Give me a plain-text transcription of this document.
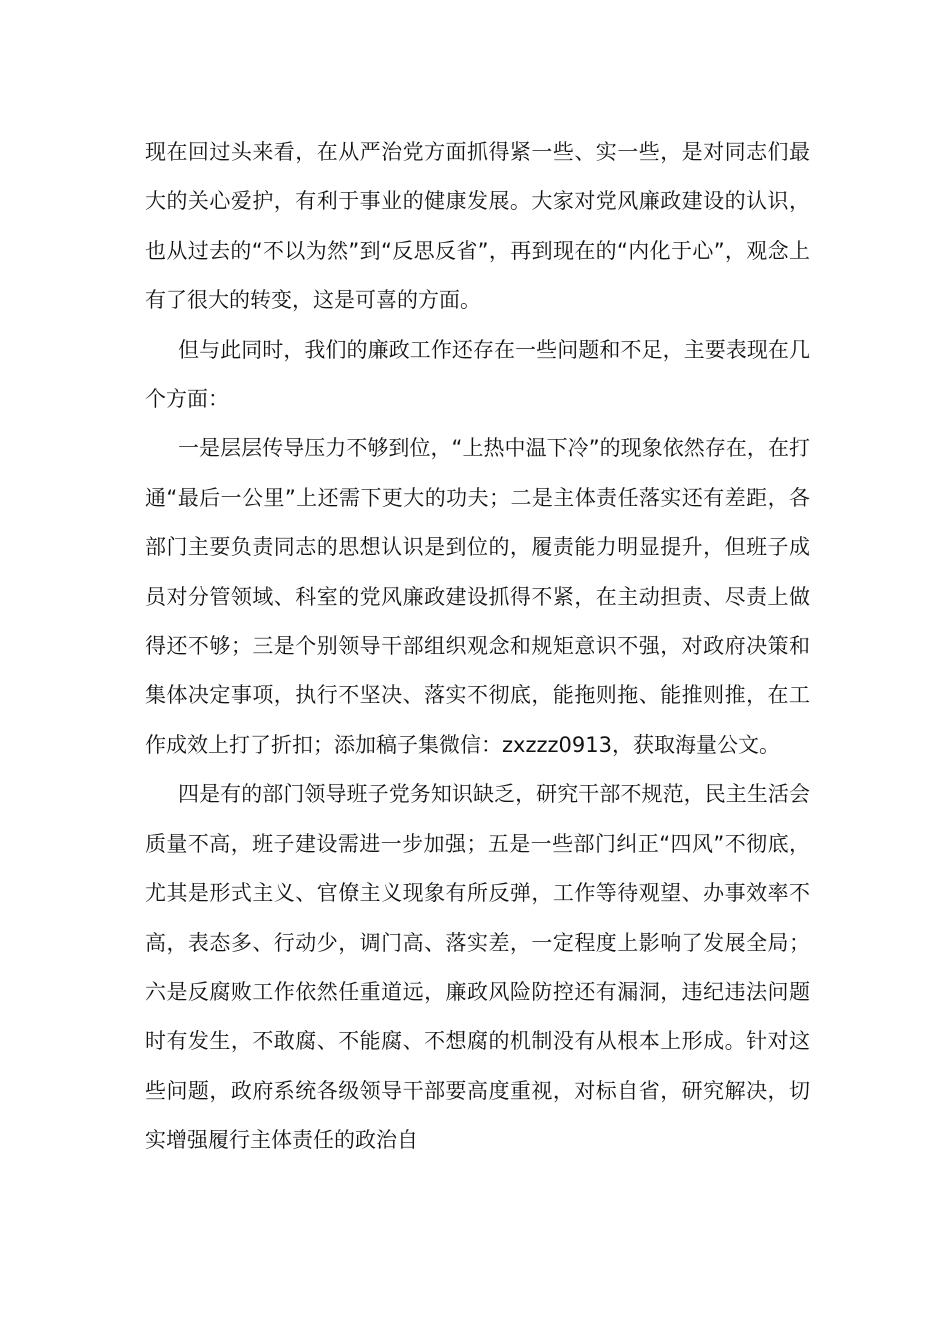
现在回过头来看，在从严治党方面抓得紧一些、实一些，是对同志们最大的关心爱护，有利于事业的健康发展。大家对党风廉政建设的认识，也从过去的“不以为然”到“反思反省”，再到现在的“内化于心”，观念上有了很大的转变，这是可喜的方面。

但与此同时，我们的廉政工作还存在一些问题和不足，主要表现在几个方面：

一是层层传导压力不够到位，“上热中温下冷”的现象依然存在，在打通“最后一公里”上还需下更大的功夫；二是主体责任落实还有差距，各部门主要负责同志的思想认识是到位的，履责能力明显提升，但班子成员对分管领域、科室的党风廉政建设抓得不紧，在主动担责、尽责上做得还不够；三是个别领导干部组织观念和规矩意识不强，对政府决策和集体决定事项，执行不坚决、落实不彻底，能拖则拖、能推则推，在工作成效上打了折扣；添加稿子集微信：zxzzz0913，获取海量公文。

四是有的部门领导班子党务知识缺乏，研究干部不规范，民主生活会质量不高，班子建设需进一步加强；五是一些部门纠正“四风”不彻底，尤其是形式主义、官僚主义现象有所反弹，工作等待观望、办事效率不高，表态多、行动少，调门高、落实差，一定程度上影响了发展全局；六是反腐败工作依然任重道远，廉政风险防控还有漏洞，违纪违法问题时有发生，不敢腐、不能腐、不想腐的机制没有从根本上形成。针对这些问题，政府系统各级领导干部要高度重视，对标自省，研究解决，切实增强履行主体责任的政治自
